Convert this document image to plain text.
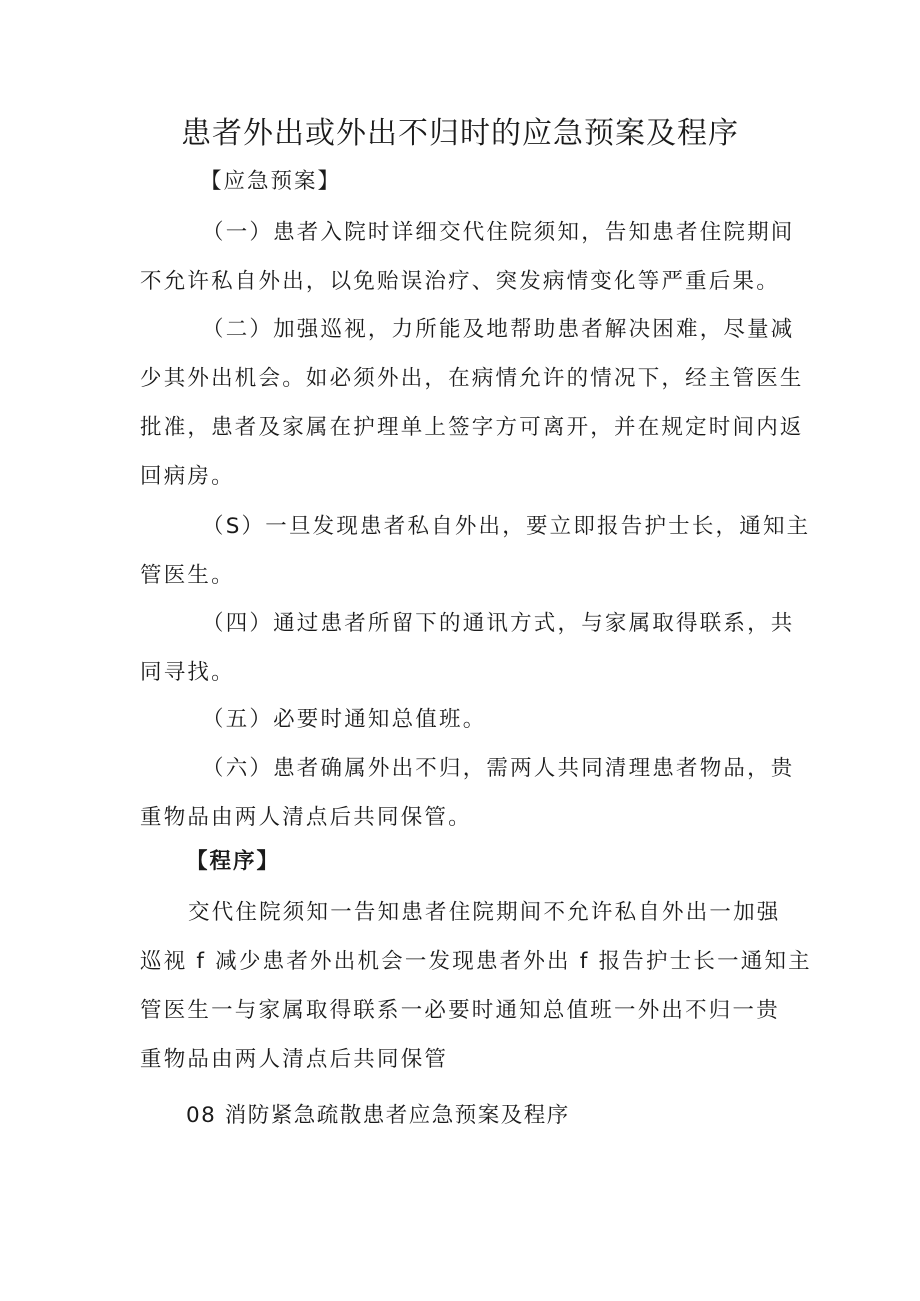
患者外出或外出不归时的应急预案及程序
【应急预案】
（一）患者入院时详细交代住院须知，告知患者住院期间
不允许私自外出，以免贻误治疗、突发病情变化等严重后果。
（二）加强巡视，力所能及地帮助患者解决困难，尽量减
少其外出机会。如必须外出，在病情允许的情况下，经主管医生
批准，患者及家属在护理单上签字方可离开，并在规定时间内返
回病房。
（S）一旦发现患者私自外出，要立即报告护士长，通知主
管医生。
（四）通过患者所留下的通讯方式，与家属取得联系，共
同寻找。
（五）必要时通知总值班。
（六）患者确属外出不归，需两人共同清理患者物品，贵
重物品由两人清点后共同保管。
【程序】
交代住院须知一告知患者住院期间不允许私自外出一加强
巡视 f 减少患者外出机会一发现患者外出 f 报告护士长一通知主
管医生一与家属取得联系一必要时通知总值班一外出不归一贵
重物品由两人清点后共同保管
08 消防紧急疏散患者应急预案及程序
